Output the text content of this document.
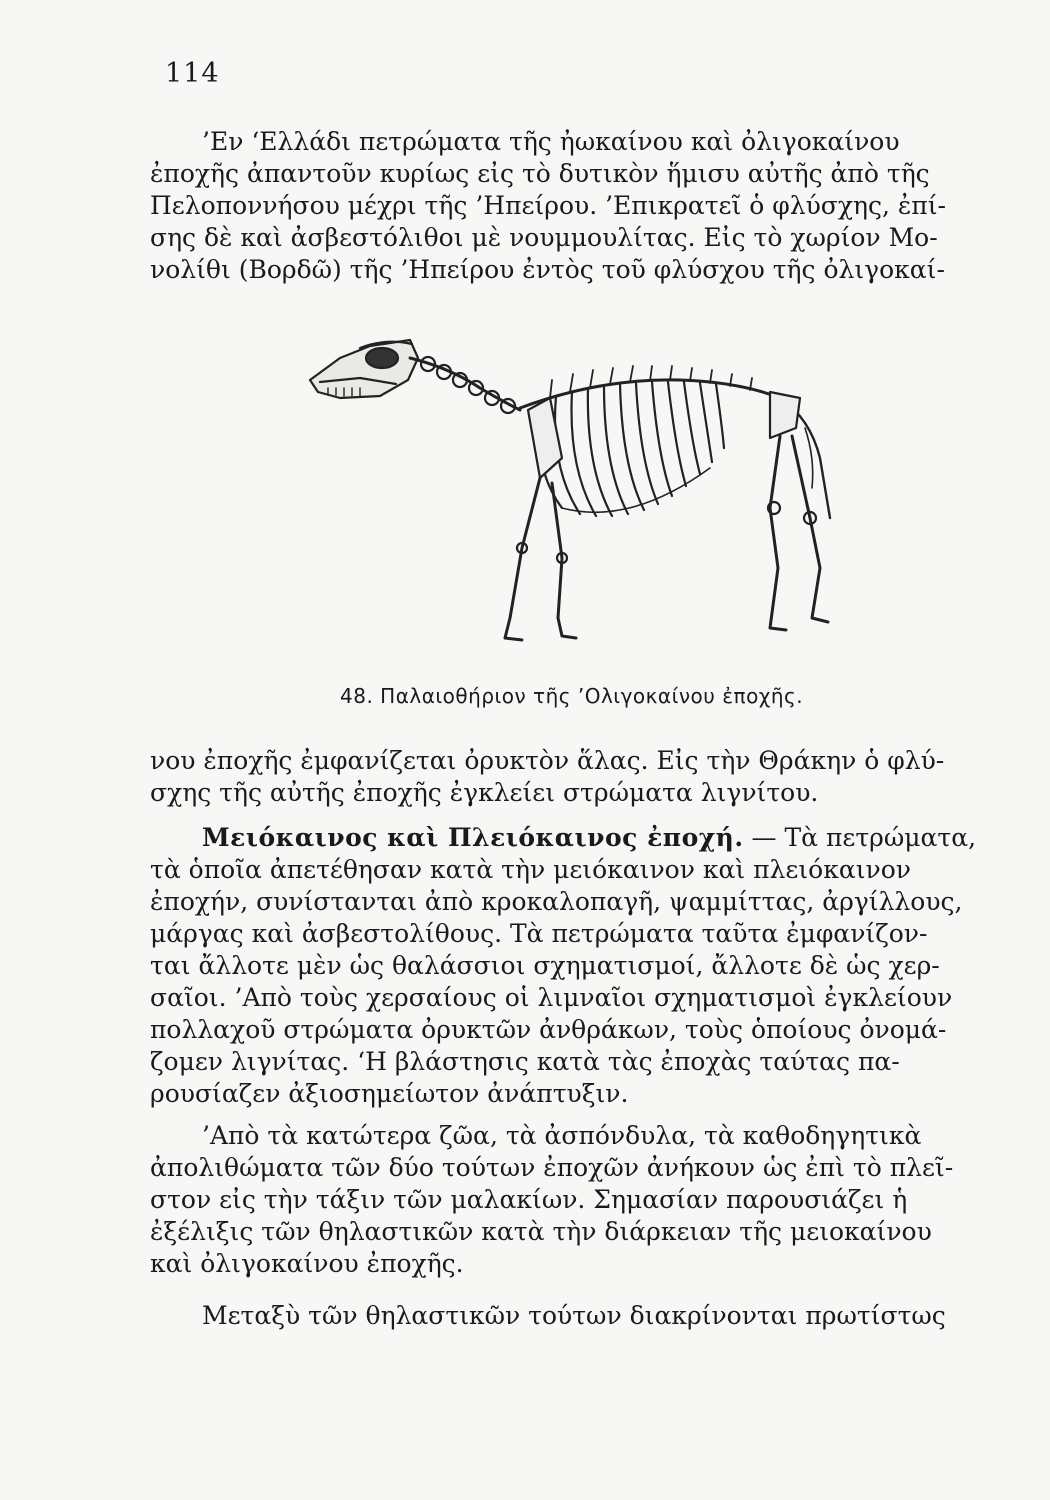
114

’Εν ‘Ελλάδι πετρώματα τῆς ἠωκαίνου καὶ ὀλιγοκαίνου
ἐποχῆς ἀπαντοῦν κυρίως εἰς τὸ δυτικὸν ἥμισυ αὐτῆς ἀπὸ τῆς
Πελοποννήσου μέχρι τῆς ’Ηπείρου. ’Επικρατεῖ ὁ φλύσχης, ἐπί-
σης δὲ καὶ ἀσβεστόλιθοι μὲ νουμμουλίτας. Εἰς τὸ χωρίον Μο-
νολίθι (Βορδῶ) τῆς ’Ηπείρου ἐντὸς τοῦ φλύσχου τῆς ὀλιγοκαί-

48. Παλαιοθήριον τῆς ’Ολιγοκαίνου ἐποχῆς.

νου ἐποχῆς ἐμφανίζεται ὀρυκτὸν ἅλας. Εἰς τὴν Θράκην ὁ φλύ-
σχης τῆς αὐτῆς ἐποχῆς ἐγκλείει στρώματα λιγνίτου.

Μειόκαινος καὶ Πλειόκαινος ἐποχή. — Τὰ πετρώματα,
τὰ ὁποῖα ἀπετέθησαν κατὰ τὴν μειόκαινον καὶ πλειόκαινον
ἐποχήν, συνίστανται ἀπὸ κροκαλοπαγῆ, ψαμμίττας, ἀργίλλους,
μάργας καὶ ἀσβεστολίθους. Τὰ πετρώματα ταῦτα ἐμφανίζον-
ται ἄλλοτε μὲν ὡς θαλάσσιοι σχηματισμοί, ἄλλοτε δὲ ὡς χερ-
σαῖοι. ’Απὸ τοὺς χερσαίους οἱ λιμναῖοι σχηματισμοὶ ἐγκλείουν
πολλαχοῦ στρώματα ὀρυκτῶν ἀνθράκων, τοὺς ὁποίους ὀνομά-
ζομεν λιγνίτας. ‘Η βλάστησις κατὰ τὰς ἐποχὰς ταύτας πα-
ρουσίαζεν ἀξιοσημείωτον ἀνάπτυξιν.

’Απὸ τὰ κατώτερα ζῶα, τὰ ἀσπόνδυλα, τὰ καθοδηγητικὰ
ἀπολιθώματα τῶν δύο τούτων ἐποχῶν ἀνήκουν ὡς ἐπὶ τὸ πλεῖ-
στον εἰς τὴν τάξιν τῶν μαλακίων. Σημασίαν παρουσιάζει ἡ
ἐξέλιξις τῶν θηλαστικῶν κατὰ τὴν διάρκειαν τῆς μειοκαίνου
καὶ ὀλιγοκαίνου ἐποχῆς.

Μεταξὺ τῶν θηλαστικῶν τούτων διακρίνονται πρωτίστως
